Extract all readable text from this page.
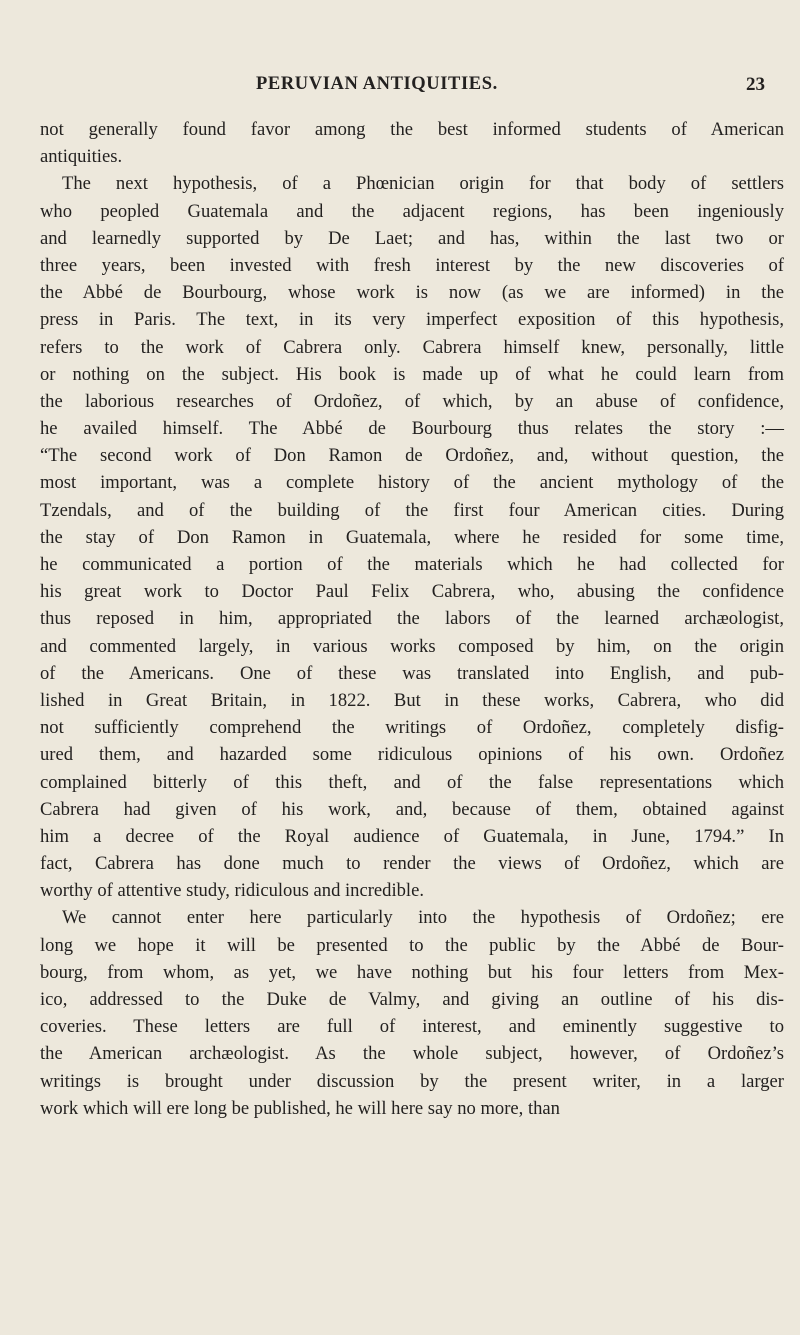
PERUVIAN ANTIQUITIES.	23
not generally found favor among the best informed students of American
antiquities.
The next hypothesis, of a Phœnician origin for that body of settlers
who peopled Guatemala and the adjacent regions, has been ingeniously
and learnedly supported by De Laet; and has, within the last two or
three years, been invested with fresh interest by the new discoveries of
the Abbé de Bourbourg, whose work is now (as we are informed) in the
press in Paris. The text, in its very imperfect exposition of this hypothesis,
refers to the work of Cabrera only. Cabrera himself knew, personally, little
or nothing on the subject. His book is made up of what he could learn from
the laborious researches of Ordoñez, of which, by an abuse of confidence,
he availed himself. The Abbé de Bourbourg thus relates the story :—
“The second work of Don Ramon de Ordoñez, and, without question, the
most important, was a complete history of the ancient mythology of the
Tzendals, and of the building of the first four American cities. During
the stay of Don Ramon in Guatemala, where he resided for some time,
he communicated a portion of the materials which he had collected for
his great work to Doctor Paul Felix Cabrera, who, abusing the confidence
thus reposed in him, appropriated the labors of the learned archæologist,
and commented largely, in various works composed by him, on the origin
of the Americans. One of these was translated into English, and pub-
lished in Great Britain, in 1822. But in these works, Cabrera, who did
not sufficiently comprehend the writings of Ordoñez, completely disfig-
ured them, and hazarded some ridiculous opinions of his own. Ordoñez
complained bitterly of this theft, and of the false representations which
Cabrera had given of his work, and, because of them, obtained against
him a decree of the Royal audience of Guatemala, in June, 1794.” In
fact, Cabrera has done much to render the views of Ordoñez, which are
worthy of attentive study, ridiculous and incredible.
We cannot enter here particularly into the hypothesis of Ordoñez; ere
long we hope it will be presented to the public by the Abbé de Bour-
bourg, from whom, as yet, we have nothing but his four letters from Mex-
ico, addressed to the Duke de Valmy, and giving an outline of his dis-
coveries. These letters are full of interest, and eminently suggestive to
the American archæologist. As the whole subject, however, of Ordoñez’s
writings is brought under discussion by the present writer, in a larger
work which will ere long be published, he will here say no more, than
